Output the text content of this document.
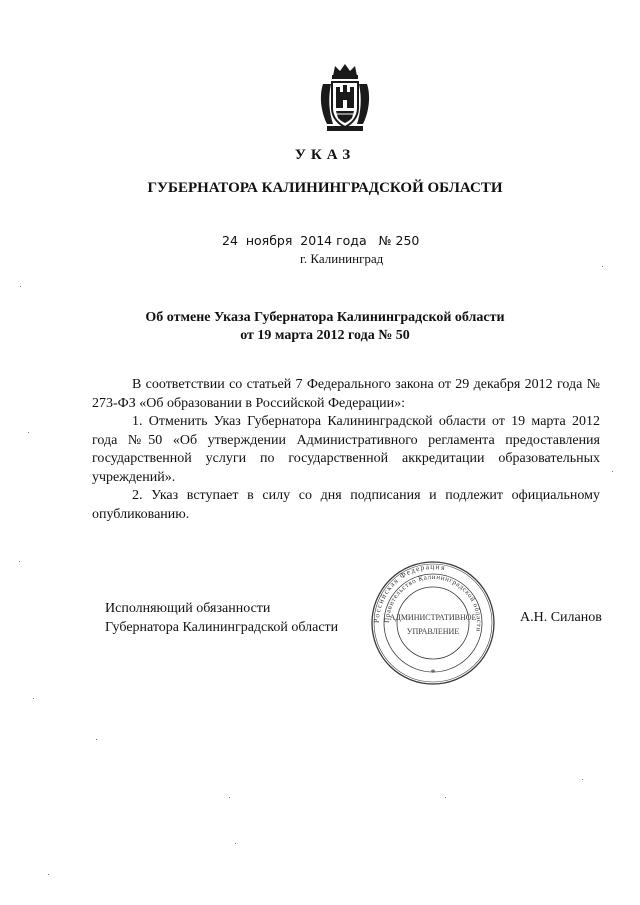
УКАЗ
ГУБЕРНАТОРА КАЛИНИНГРАДСКОЙ ОБЛАСТИ
24  ноября  2014 года   № 250
г. Калининград
Об отмене Указа Губернатора Калининградской области
от 19 марта 2012 года № 50

В соответствии со статьей 7 Федерального закона от 29 декабря 2012 года № 273-ФЗ «Об образовании в Российской Федерации»:

1. Отменить Указ Губернатора Калининградской области от 19 марта 2012 года №50 «Об утверждении Административного регламента предоставления государственной услуги по государственной аккредитации образовательных учреждений».

2. Указ вступает в силу со дня подписания и подлежит официальному опубликованию.

Исполняющий обязанности
Губернатора Калининградской области
А.Н. Силанов
Российская Федерация
Правительство Калининградской области
АДМИНИСТРАТИВНОЕ
УПРАВЛЕНИЕ
*
